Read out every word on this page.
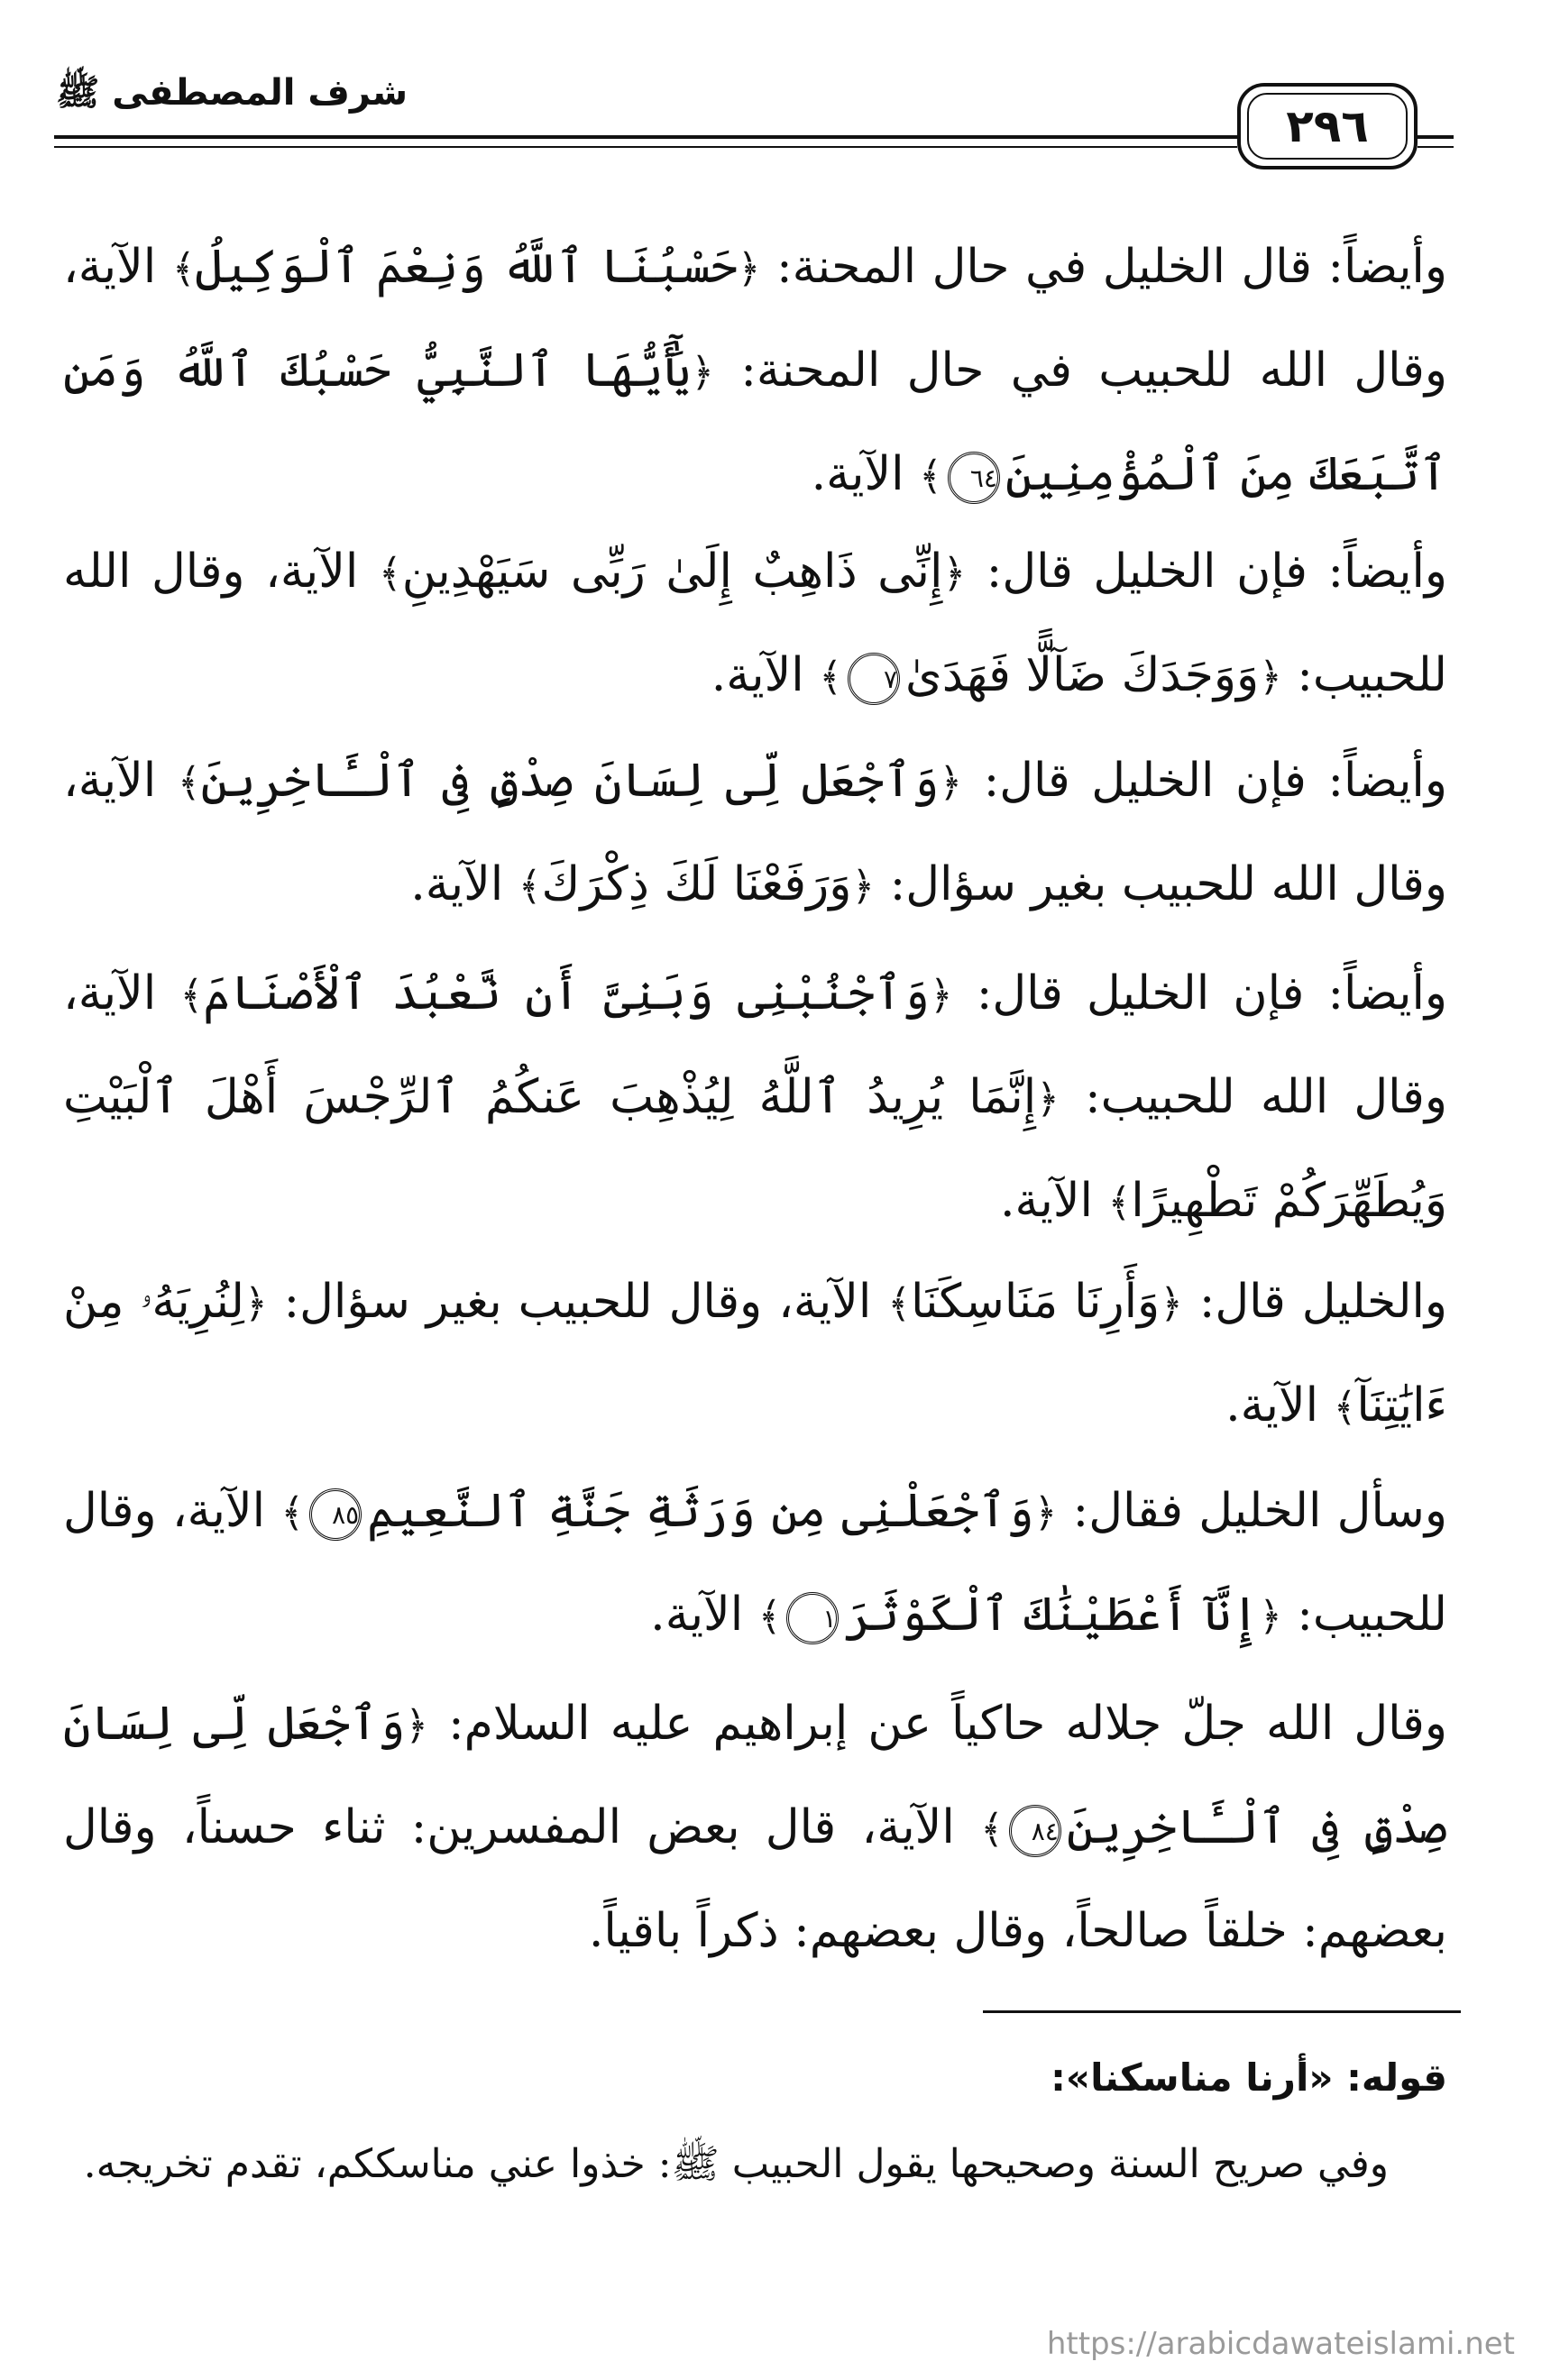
شرف المصطفى ﷺ
٢٩٦

وأيضاً: قال الخليل في حال المحنة: ﴿حَسْبُنَا ٱللَّهُ وَنِعْمَ ٱلْوَكِيلُ﴾ الآية، وقال الله للحبيب في حال المحنة: ﴿يَٰٓأَيُّهَا ٱلنَّبِيُّ حَسْبُكَ ٱللَّهُ وَمَنِ ٱتَّبَعَكَ مِنَ ٱلْمُؤْمِنِينَ٦٤﴾ الآية.

وأيضاً: فإن الخليل قال: ﴿إِنِّى ذَاهِبٌ إِلَىٰ رَبِّى سَيَهْدِينِ﴾ الآية، وقال الله للحبيب: ﴿وَوَجَدَكَ ضَآلًّا فَهَدَىٰ٧﴾ الآية.

وأيضاً: فإن الخليل قال: ﴿وَٱجْعَل لِّى لِسَانَ صِدْقٍ فِى ٱلْـَٔاخِرِينَ﴾ الآية، وقال الله للحبيب بغير سؤال: ﴿وَرَفَعْنَا لَكَ ذِكْرَكَ﴾ الآية.

وأيضاً: فإن الخليل قال: ﴿وَٱجْنُبْنِى وَبَنِىَّ أَن نَّعْبُدَ ٱلْأَصْنَامَ﴾ الآية، وقال الله للحبيب: ﴿إِنَّمَا يُرِيدُ ٱللَّهُ لِيُذْهِبَ عَنكُمُ ٱلرِّجْسَ أَهْلَ ٱلْبَيْتِ وَيُطَهِّرَكُمْ تَطْهِيرًا﴾ الآية.

والخليل قال: ﴿وَأَرِنَا مَنَاسِكَنَا﴾ الآية، وقال للحبيب بغير سؤال: ﴿لِنُرِيَهُۥ مِنْ ءَايَٰتِنَآ﴾ الآية.

وسأل الخليل فقال: ﴿وَٱجْعَلْنِى مِن وَرَثَةِ جَنَّةِ ٱلنَّعِيمِ٨٥﴾ الآية، وقال للحبيب: ﴿إِنَّآ أَعْطَيْنَٰكَ ٱلْكَوْثَرَ١﴾ الآية.

وقال الله جلّ جلاله حاكياً عن إبراهيم عليه السلام: ﴿وَٱجْعَل لِّى لِسَانَ صِدْقٍ فِى ٱلْـَٔاخِرِينَ٨٤﴾ الآية، قال بعض المفسرين: ثناء حسناً، وقال بعضهم: خلقاً صالحاً، وقال بعضهم: ذكراً باقياً.

قوله: «أرنا مناسكنا»:

وفي صريح السنة وصحيحها يقول الحبيب ﷺ: خذوا عني مناسككم، تقدم تخريجه.

https://arabicdawateislami.net
